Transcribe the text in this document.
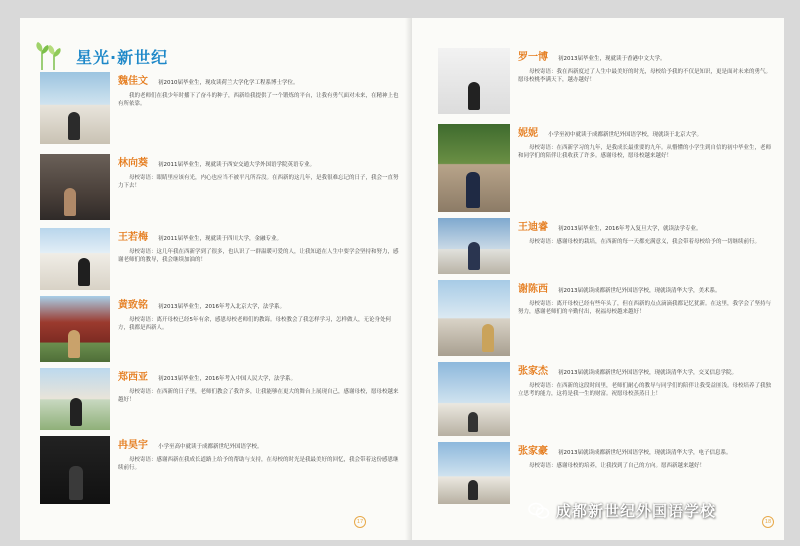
星光·新世纪
魏佳文 初2010届毕业生，现攻读荷兰大学化学工程系博士学位。

我的老师们在我少年时播下了奋斗的种子，西新给我提供了一个锻炼的平台，让我有勇气面对未来，在精神上也有所依靠。

林向葵 初2011届毕业生，现就读于西安交通大学外国语学院英语专业。

母校寄语：眼睛里应该有光，内心也应当不被平凡所吞没。在西新的这几年，是我很难忘记的日子，我会一直努力下去！

王若梅 初2011届毕业生，现就读于四川大学，金融专业。

母校寄语：这几年我在西新学到了很多，也认识了一群温暖可爱的人，让我知道在人生中要学会坚持和努力，感谢老师们的教导，我会继续加油的！

黄致铭 初2013届毕业生，2016年考入北京大学，法学系。

母校寄语：离开母校已经5年有余，感恩母校老师们的教诲。母校教会了我怎样学习，怎样做人，无论身处何方，我都是西新人。

郑西亚 初2013届毕业生，2016年考入中国人民大学，法学系。

母校寄语：在西新的日子里，老师们教会了我许多，让我能够在更大的舞台上展现自己，感谢母校，愿母校越来越好！

冉昊宇 小学至高中就读于成都新世纪外国语学校。

母校寄语：感谢西新在我成长道路上给予的帮助与支持，在母校的时光是我最美好的回忆，我会带着这份感恩继续前行。

17
罗一博 初2013届毕业生，现就读于香港中文大学。

母校寄语：我在西新度过了人生中最美好的时光，母校给予我的不仅是知识，更是面对未来的勇气。愿母校桃李满天下，越办越好！

妮妮 小学至初中就读于成都新世纪外国语学校，现就读于北京大学。

母校寄语：在西新学习的九年，是我成长最重要的九年。从懵懂的小学生到自信的初中毕业生，老师和同学们的陪伴让我收获了许多。感谢母校，愿母校越来越好！

王迪睿 初2013届毕业生，2016年考入复旦大学，就读法学专业。

母校寄语：感谢母校的栽培，在西新的每一天都充满意义，我会带着母校给予的一切继续前行。

谢陈西 初2013届就读成都新世纪外国语学校，现就读清华大学，美术系。

母校寄语：离开母校已经有些年头了，但在西新的点点滴滴我都记忆犹新。在这里，我学会了坚持与努力，感谢老师们的辛勤付出，祝福母校越来越好！

张家杰 初2013届就读成都新世纪外国语学校，现就读清华大学，交叉信息学院。

母校寄语：在西新的这段时间里，老师们耐心的教导与同学们的陪伴让我受益匪浅。母校培养了我独立思考的能力，这将是我一生的财富。祝愿母校蒸蒸日上！

张家豪 初2013届就读成都新世纪外国语学校，现就读清华大学，电子信息系。

母校寄语：感谢母校的培养，让我找到了自己的方向。愿西新越来越好！

18
成都新世纪外国语学校
